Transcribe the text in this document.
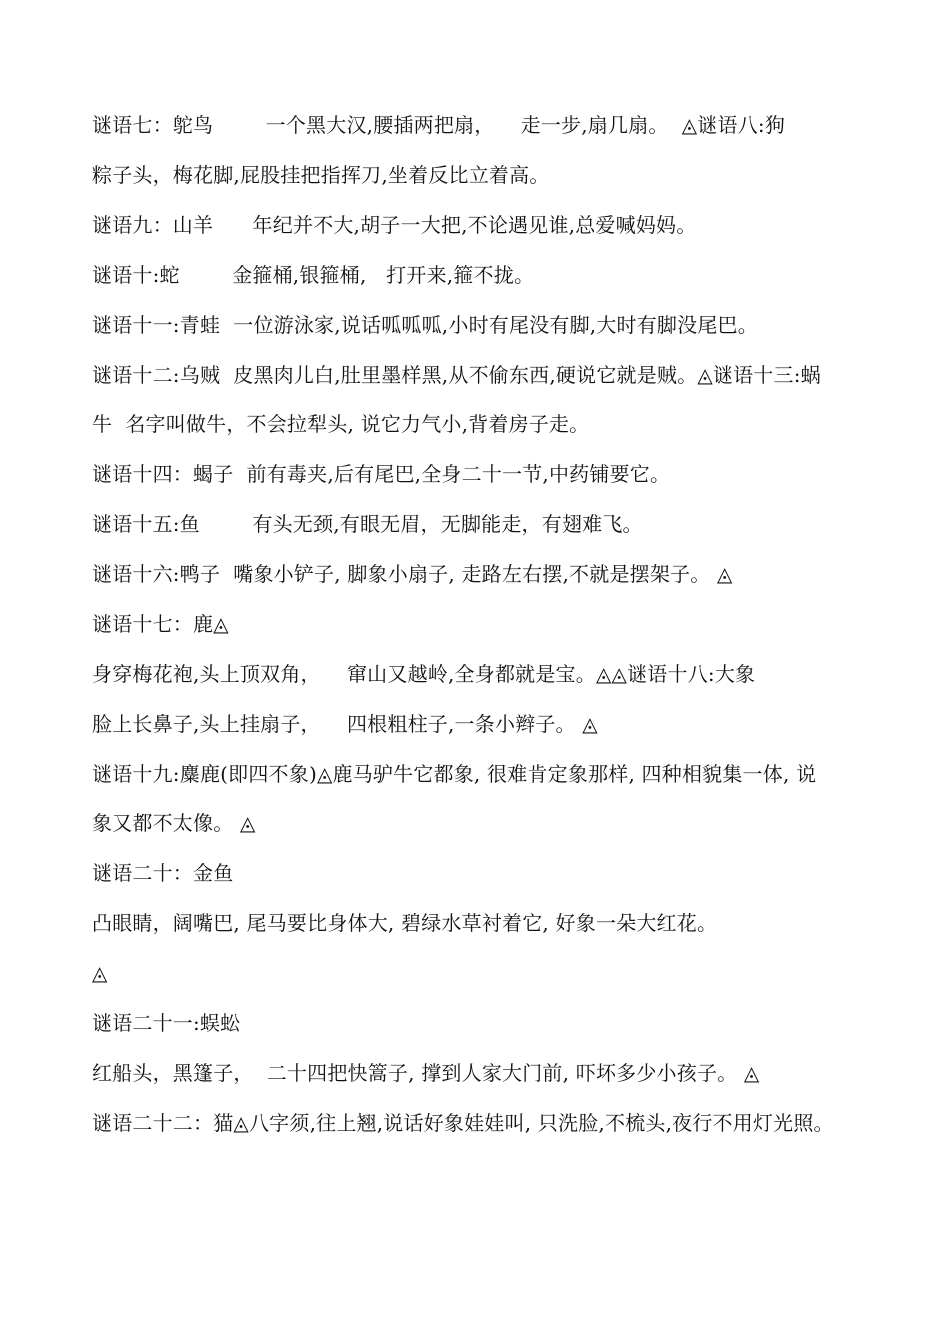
谜语七：鸵鸟        一个黑大汉,腰插两把扇，    走一步,扇几扇。  ◬谜语八:狗
粽子头，梅花脚,屁股挂把指挥刀,坐着反比立着高。
谜语九：山羊      年纪并不大,胡子一大把,不论遇见谁,总爱喊妈妈。
谜语十:蛇        金箍桶,银箍桶,   打开来,箍不拢。
谜语十一:青蛙  一位游泳家,说话呱呱呱,小时有尾没有脚,大时有脚没尾巴。
谜语十二:乌贼  皮黑肉儿白,肚里墨样黑,从不偷东西,硬说它就是贼。◬谜语十三:蜗
牛  名字叫做牛，不会拉犁头, 说它力气小,背着房子走。
谜语十四：蝎子  前有毒夹,后有尾巴,全身二十一节,中药铺要它。
谜语十五:鱼        有头无颈,有眼无眉，无脚能走，有翅难飞。
谜语十六:鸭子  嘴象小铲子, 脚象小扇子, 走路左右摆,不就是摆架子。 ◬
谜语十七：鹿◬
身穿梅花袍,头上顶双角，    窜山又越岭,全身都就是宝。◬◬谜语十八:大象
脸上长鼻子,头上挂扇子，    四根粗柱子,一条小辫子。 ◬
谜语十九:麋鹿(即四不象)◬鹿马驴牛它都象, 很难肯定象那样, 四种相貌集一体, 说
象又都不太像。 ◬
谜语二十：金鱼
凸眼睛，阔嘴巴, 尾马要比身体大, 碧绿水草衬着它, 好象一朵大红花。
◬
谜语二十一:蜈蚣
红船头，黑篷子，  二十四把快篙子, 撑到人家大门前, 吓坏多少小孩子。 ◬
谜语二十二：猫◬八字须,往上翘,说话好象娃娃叫, 只洗脸,不梳头,夜行不用灯光照。
